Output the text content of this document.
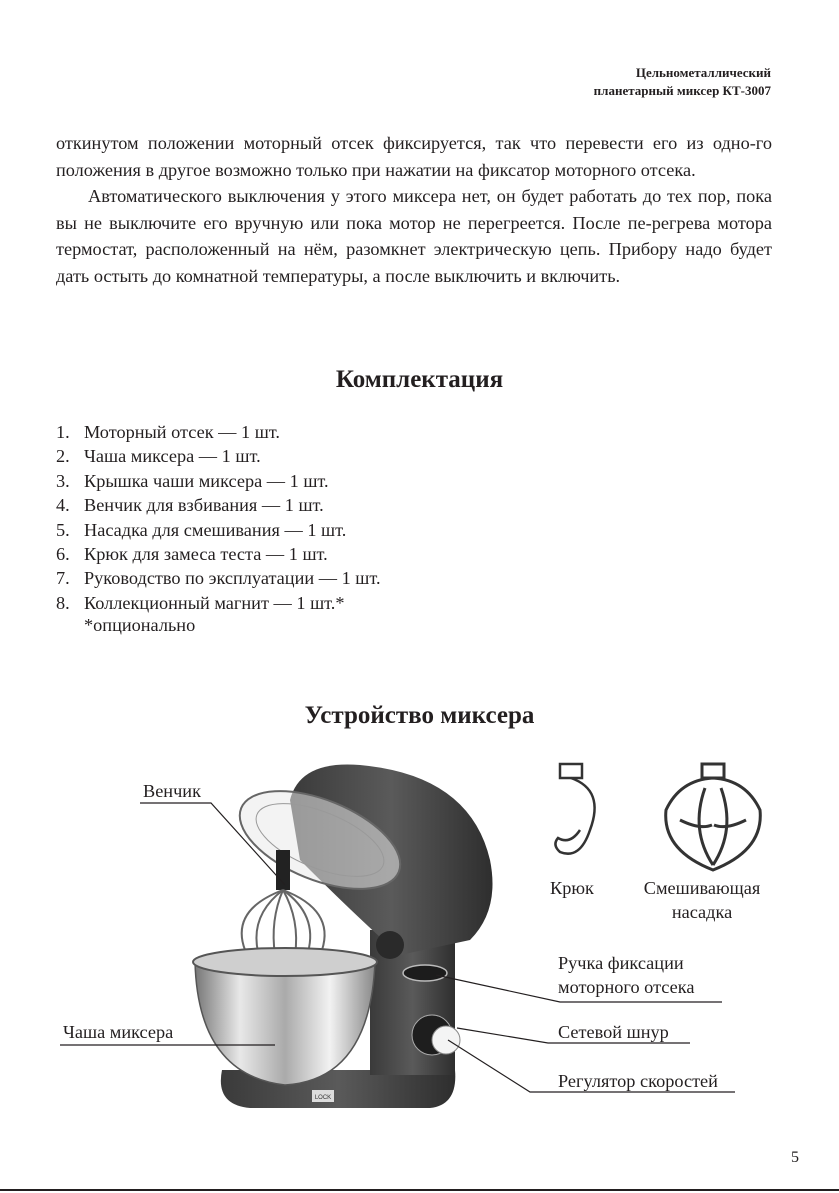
Цельнометаллический
планетарный миксер КТ-3007

откинутом положении моторный отсек фиксируется, так что перевести его из одно-го положения в другое возможно только при нажатии на фиксатор моторного отсека.

Автоматического выключения у этого миксера нет, он будет работать до тех пор, пока вы не выключите его вручную или пока мотор не перегреется. После пе-регрева мотора термостат, расположенный на нём, разомкнет электрическую цепь. Прибору надо будет дать остыть до комнатной температуры, а после выключить и включить.

Комплектация
1. Моторный отсек — 1 шт.
2. Чаша миксера — 1 шт.
3. Крышка чаши миксера — 1 шт.
4. Венчик для взбивания — 1 шт.
5. Насадка для смешивания — 1 шт.
6. Крюк для замеса теста — 1 шт.
7. Руководство по эксплуатации — 1 шт.
8. Коллекционный магнит — 1 шт.*
*опционально
Устройство миксера
LOCK
Венчик
Чаша миксера
Крюк	Смешивающая
насадка
Ручка фиксации
моторного отсека
Сетевой шнур
Регулятор скоростей
5
